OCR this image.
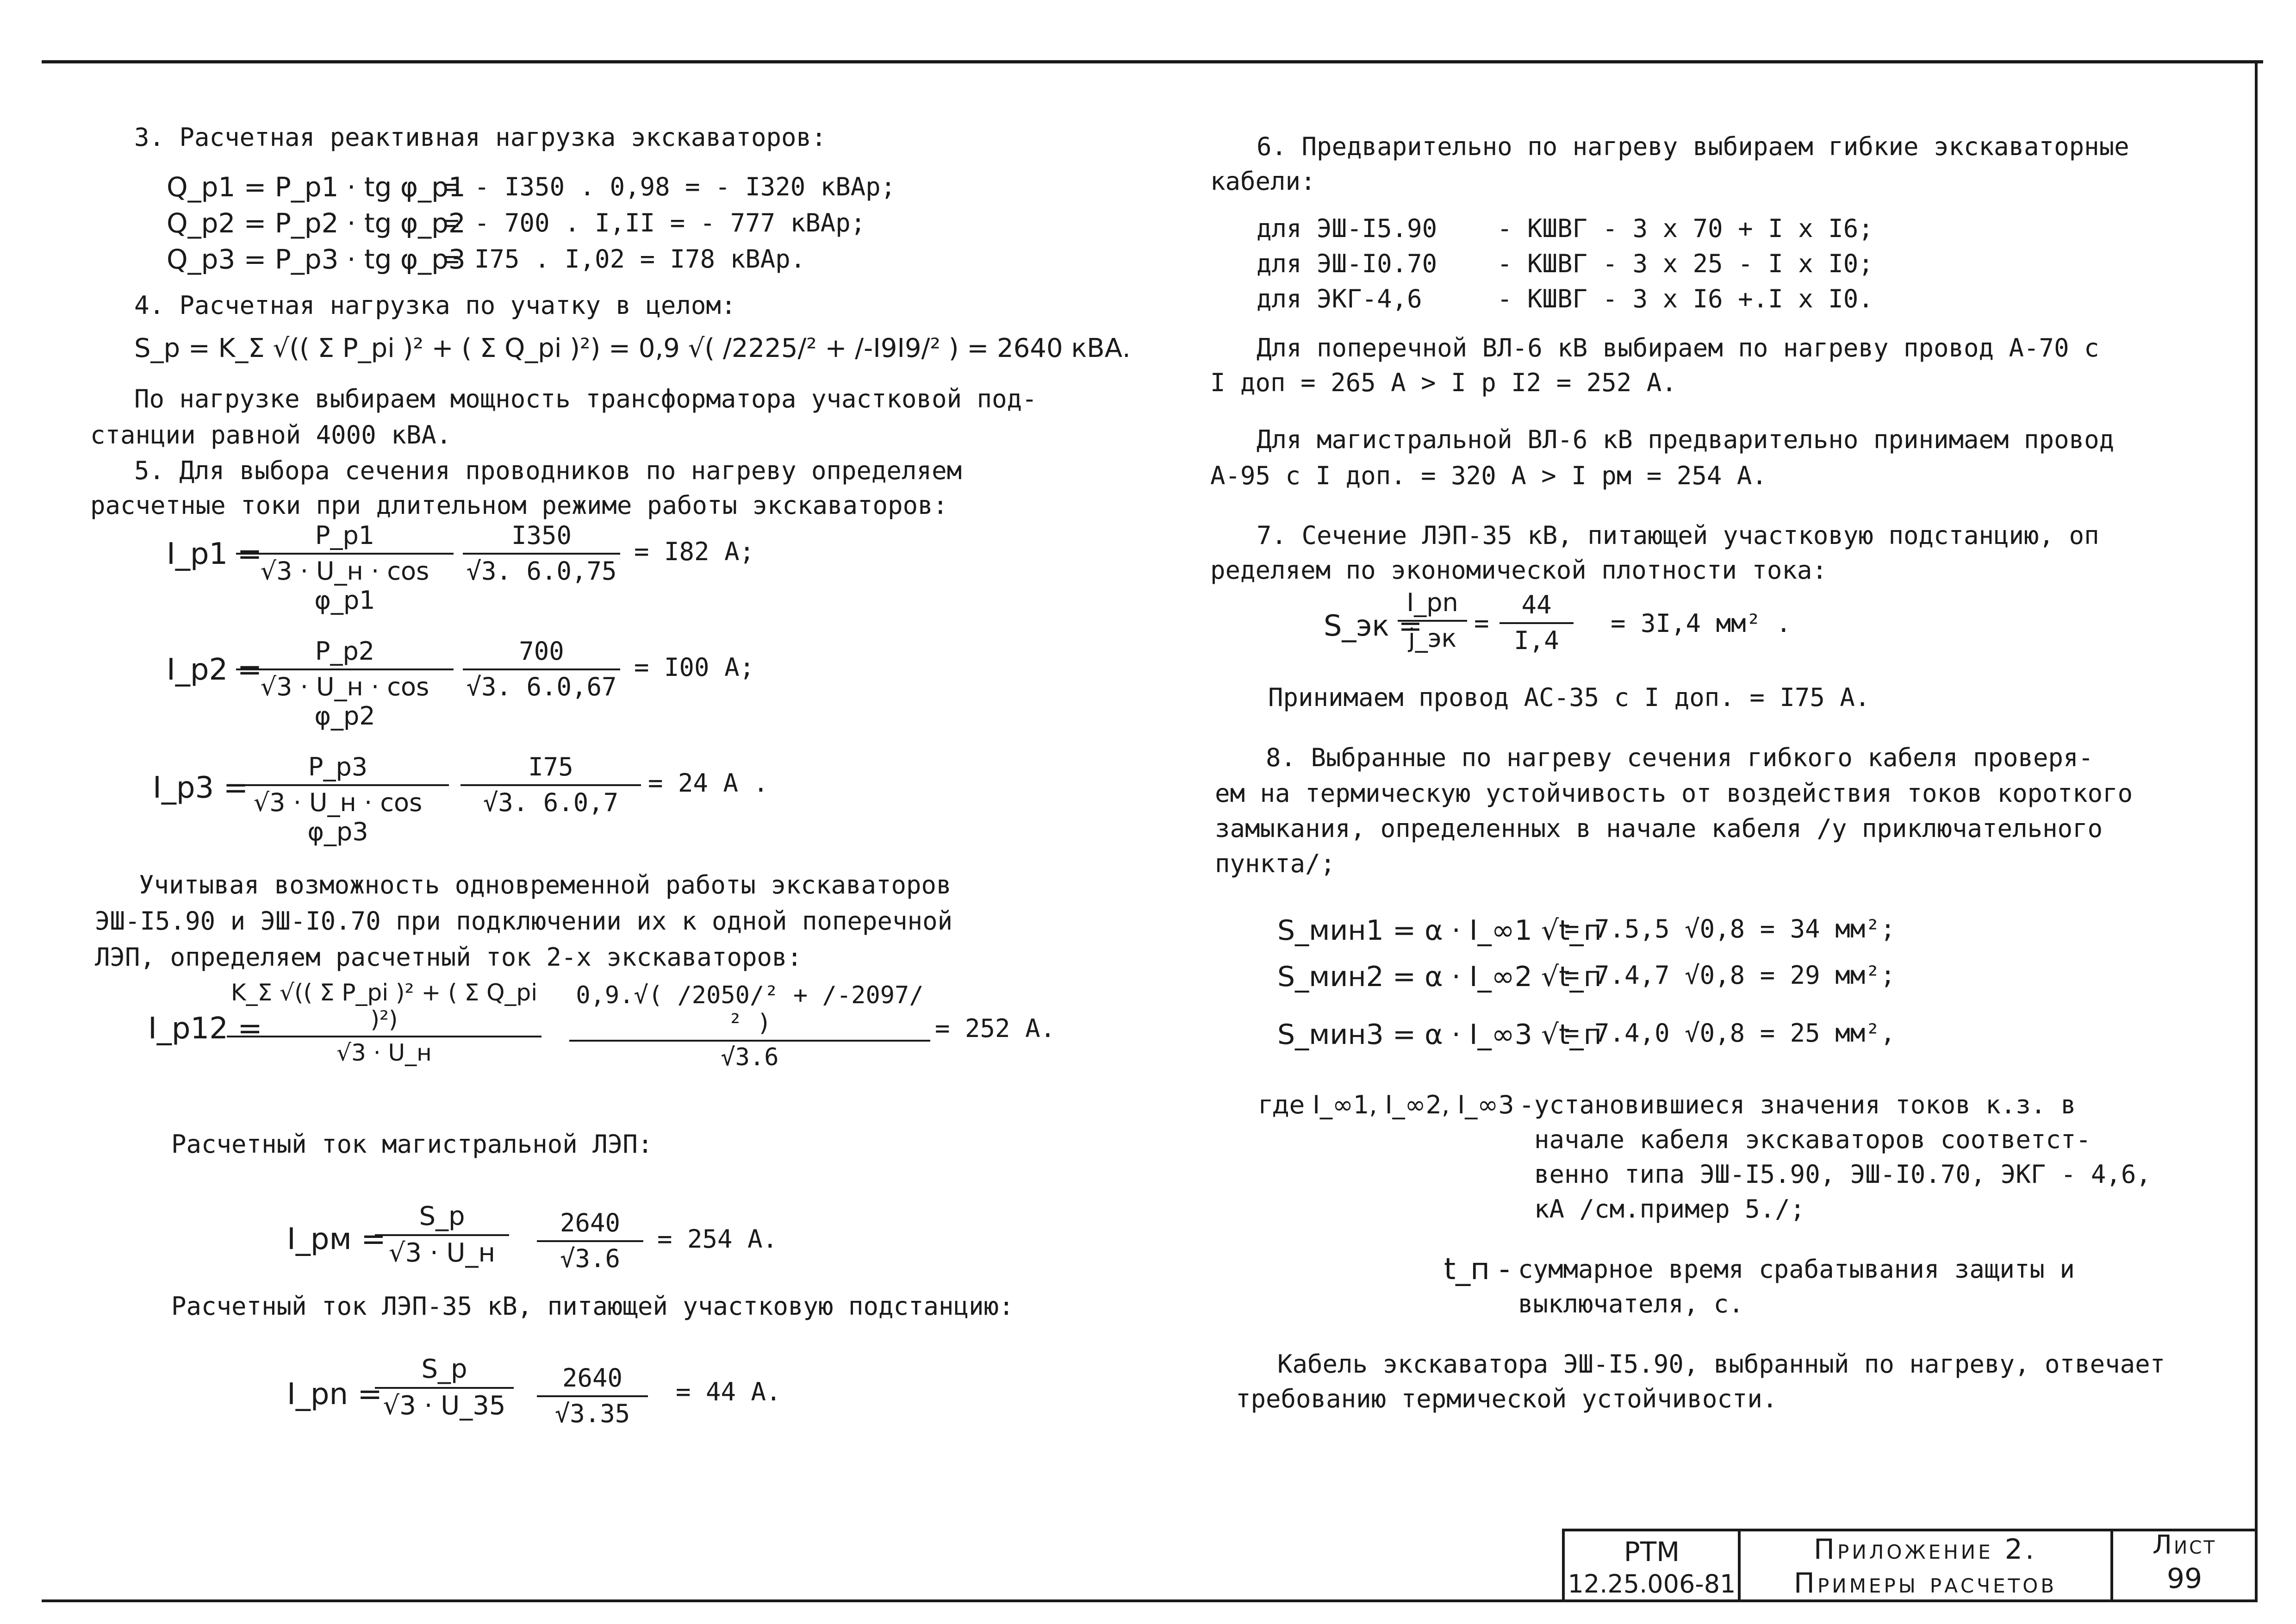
3. Расчетная реактивная нагрузка экскаваторов:
Q_p1 = P_p1 · tg φ_p1
= - I350 . 0,98 = - I320 кВАр;
Q_p2 = P_p2 · tg φ_p2
= - 700 . I,II = - 777 кВАр;
Q_p3 = P_p3 · tg φ_p3
= I75 . I,02 = I78 кВАр.
4. Расчетная нагрузка по учатку в целом:
S_p = K_Σ √(( Σ P_pi )² + ( Σ Q_pi )²) = 0,9 √( /2225/² + /-I9I9/² ) = 2640 кВА.
По нагрузке выбираем мощность трансформатора участковой под-
станции равной 4000 кВА.
5. Для выбора сечения проводников по нагреву определяем
расчетные токи при длительном режиме работы экскаваторов:
I_p1 =
P_p1
√3 · U_н · cos φ_p1
$\frac{I350}{√3. 6.0,75} = I82$ А;
I_p2 =
P_p2
√3 · U_н · cos φ_p2
$\frac{700}{√3. 6.0,67} = I00$ А;
I_p3 =
P_p3
√3 · U_н · cos φ_p3
$\frac{I75}{√3. 6.0,7} = 24$ А .
Учитывая возможность одновременной работы экскаваторов
ЭШ-I5.90 и ЭШ-I0.70 при подключении их к одной поперечной
ЛЭП, определяем расчетный ток 2-х экскаваторов:
I_p12 =
K_Σ √(( Σ P_pi )² + ( Σ Q_pi )²)
√3 · U_н	$\frac{\text{0,9.√( /2050/² + /-2097/² )}}{√3.6} = 252$ А.
Расчетный ток магистральной ЛЭП:
I_pм =
S_p
√3 · U_н	$\frac{2640}{√3.6} = 254$ А.
Расчетный ток ЛЭП-35 кВ, питающей участковую подстанцию:
I_pn =
$\frac{S\_p}{√3 \cdot U\_35} \frac{2640}{√3.35} = 44$ А.
6. Предварительно по нагреву выбираем гибкие экскаваторные
кабели:
для ЭШ-I5.90 - КШВГ - 3 x 70 + I x I6;
для ЭШ-I0.70 - КШВГ - 3 x 25 - I x I0;
для ЭКГ-4,6	- КШВГ - 3 x I6 +.I x I0.
Для поперечной ВЛ-6 кВ выбираем по нагреву провод А-70 с
I доп = 265 А > I р I2 = 252 А.
Для магистральной ВЛ-6 кВ предварительно принимаем провод
А-95 с I доп. = 320 А > I рм = 254 А.
7. Сечение ЛЭП-35 кВ, питающей участковую подстанцию, оп
ределяем по экономической плотности тока:
S_эк =
I_pn
j_эк
= $\frac{44}{I,4} = 3I,4$ мм² .
Принимаем провод АС-35 с I доп. = I75 А.
8. Выбранные по нагреву сечения гибкого кабеля проверя-
ем на термическую устойчивость от воздействия токов короткого
замыкания, определенных в начале кабеля /у приключательного
пункта/;
S_мин1 = α · I_∞1 √t_п
= 7.5,5 √0,8 = 34 мм²;
S_мин2 = α · I_∞2 √t_п
= 7.4,7 √0,8 = 29 мм²;
S_мин3 = α · I_∞3 √t_п
= 7.4,0 √0,8 = 25 мм²,
где I_∞1, I_∞2, I_∞3 - установившиеся значения токов к.з. в
начале кабеля экскаваторов соответст-
венно типа ЭШ-I5.90, ЭШ-I0.70, ЭКГ - 4,6,
кА /см.пример 5./;
t_п - суммарное время срабатывания защиты и
выключателя, с.
Кабель экскаватора ЭШ-I5.90, выбранный по нагреву, отвечает
требованию термической устойчивости.
РТМ
12.25.006-81
Приложение 2.
Примеры расчетов
Лист
99
